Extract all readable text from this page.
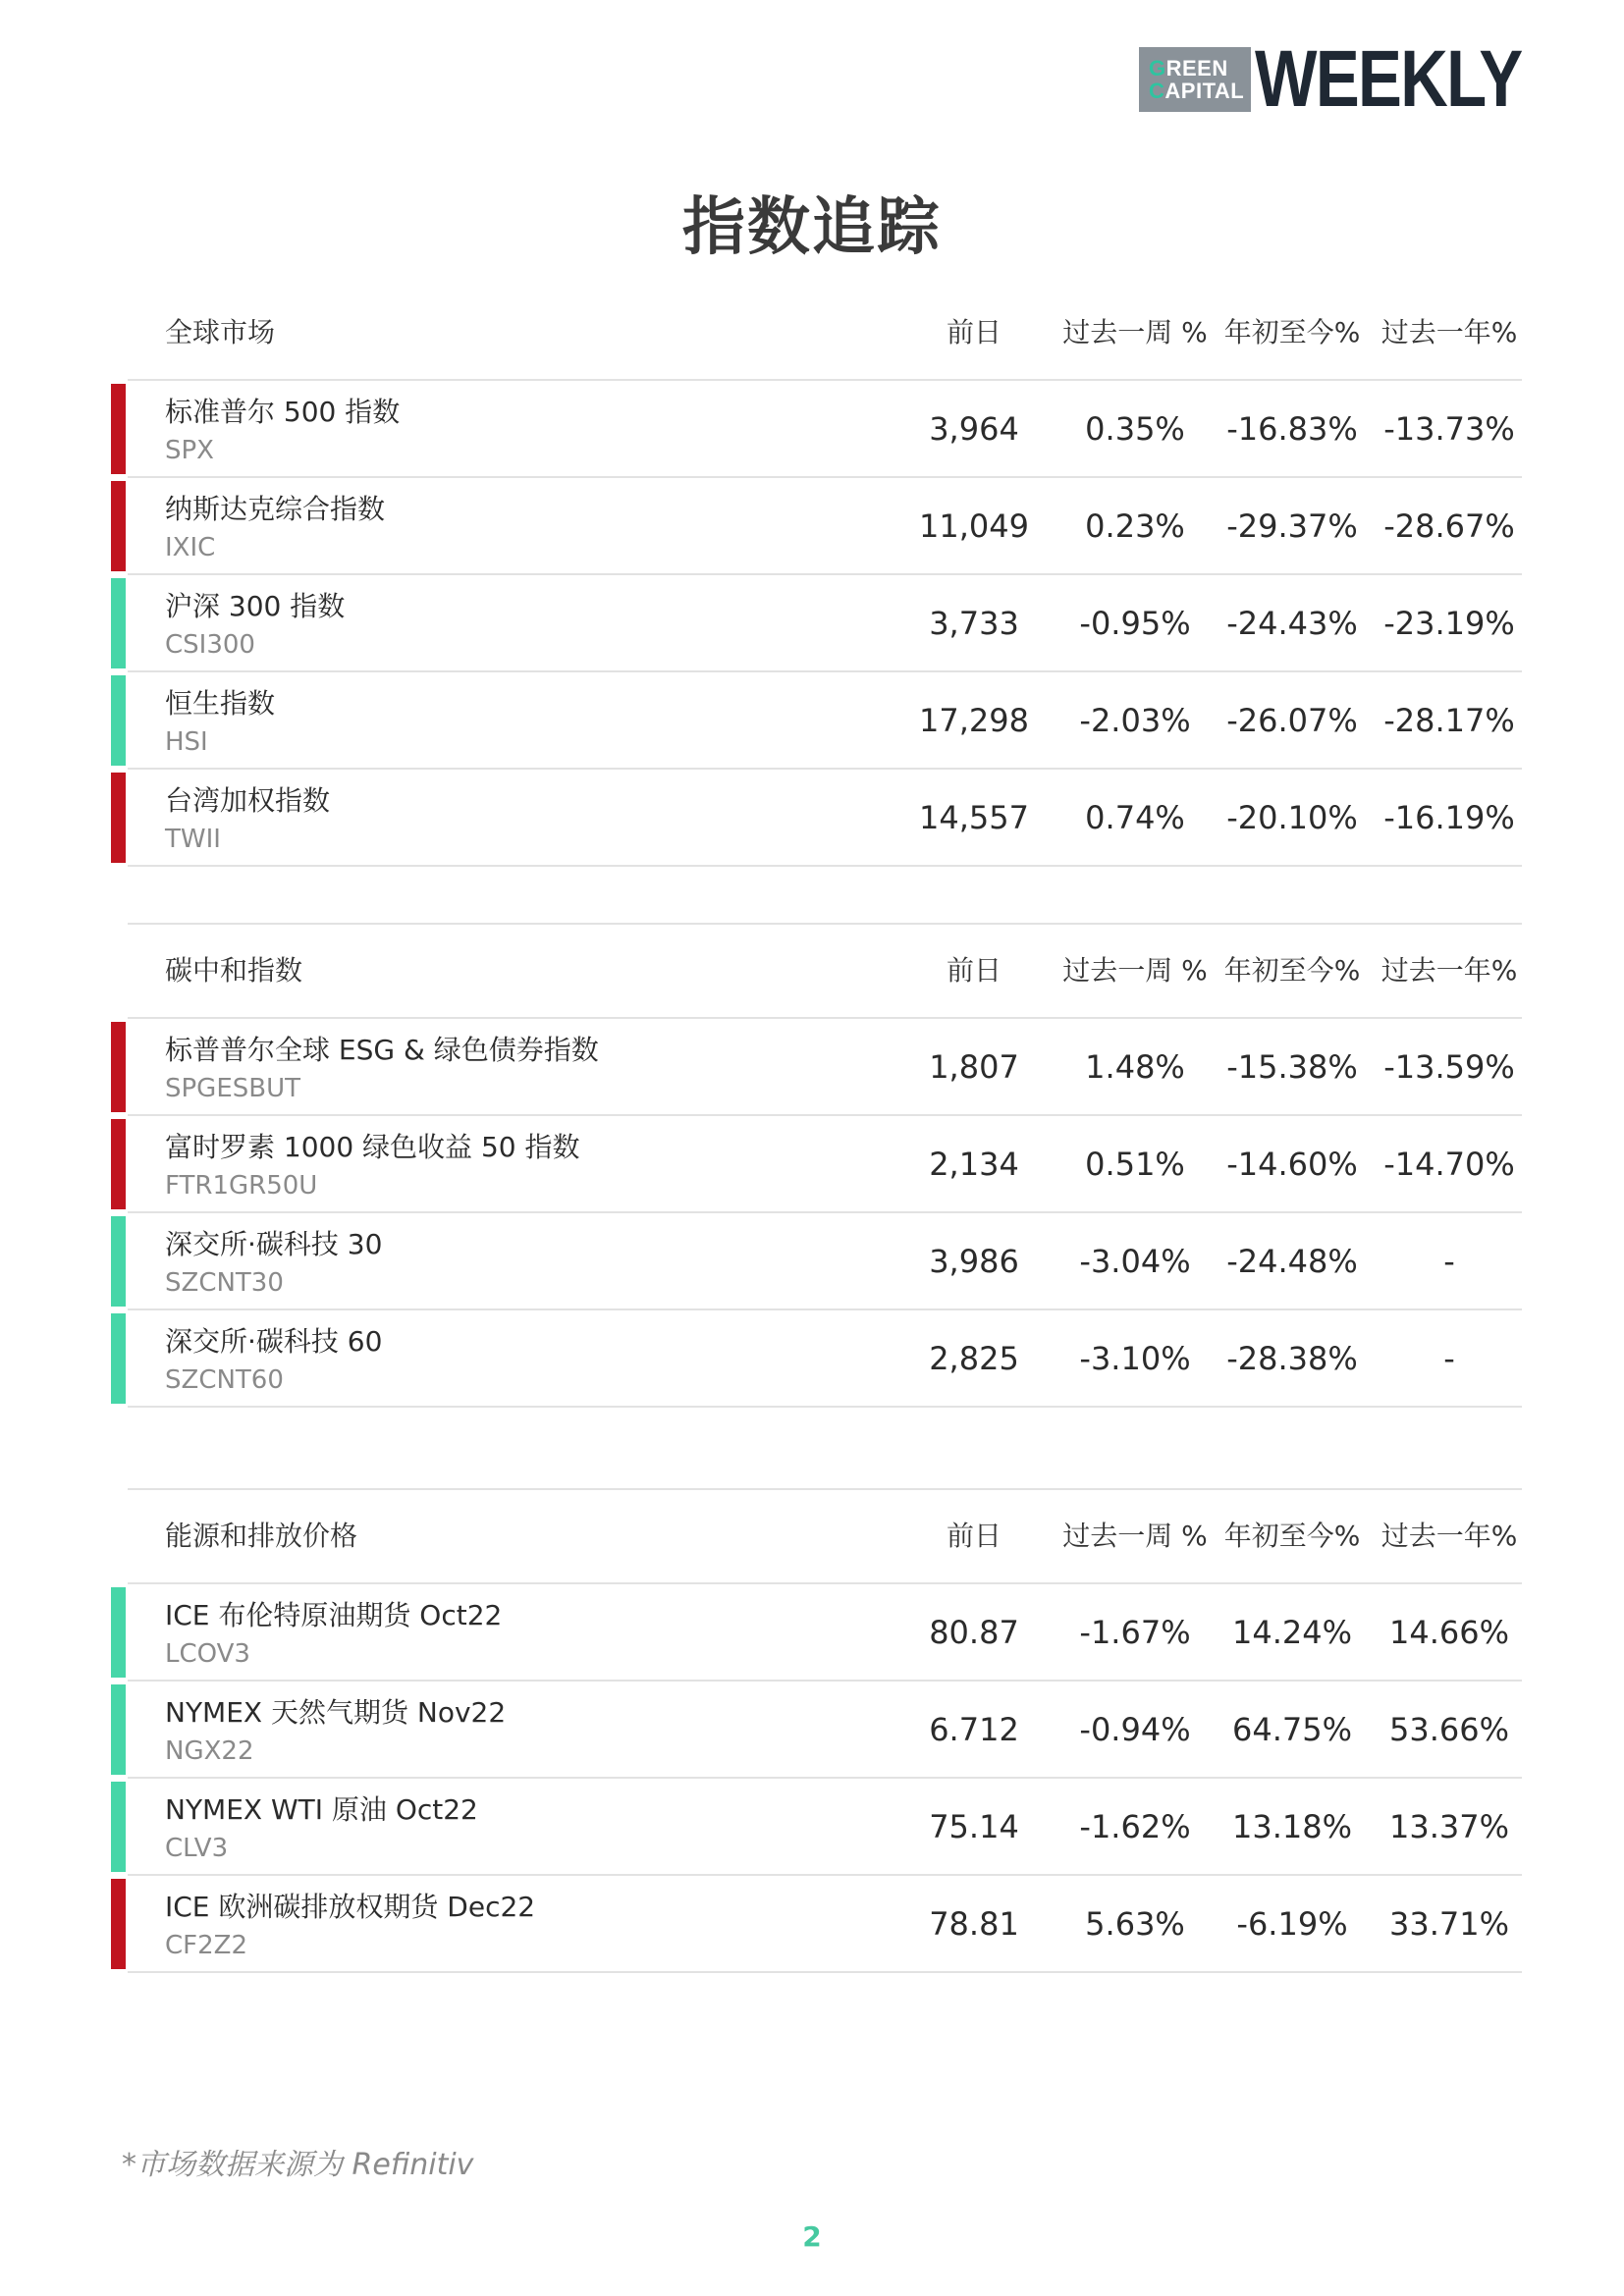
GREEN
CAPITAL WEEKLY
指数追踪
全球市场	前日	过去一周 % 年初至今% 过去一年%
标准普尔 500 指数
SPX
3,964	0.35%	-16.83% -13.73%
纳斯达克综合指数
IXIC
11,049	0.23%	-29.37% -28.67%
沪深 300 指数
CSI300
3,733	-0.95%	-24.43% -23.19%
恒生指数
HSI
17,298	-2.03%	-26.07% -28.17%
台湾加权指数
TWII
14,557	0.74%	-20.10% -16.19%
碳中和指数	前日	过去一周 % 年初至今% 过去一年%
标普普尔全球 ESG & 绿色债券指数
SPGESBUT
1,807	1.48%	-15.38% -13.59%
富时罗素 1000 绿色收益 50 指数
FTR1GR50U
2,134	0.51%	-14.60% -14.70%
深交所·碳科技 30
SZCNT30
3,986	-3.04%	-24.48%	-
深交所·碳科技 60
SZCNT60
2,825	-3.10%	-28.38%	-
能源和排放价格	前日	过去一周 % 年初至今% 过去一年%
ICE 布伦特原油期货 Oct22
LCOV3
80.87	-1.67%	14.24%	14.66%
NYMEX 天然气期货 Nov22
NGX22
6.712	-0.94%	64.75%	53.66%
NYMEX WTI 原油 Oct22
CLV3
75.14	-1.62%	13.18%	13.37%
ICE 欧洲碳排放权期货 Dec22
CF2Z2
78.81	5.63%	-6.19%	33.71%
*市场数据来源为 Refinitiv
2
